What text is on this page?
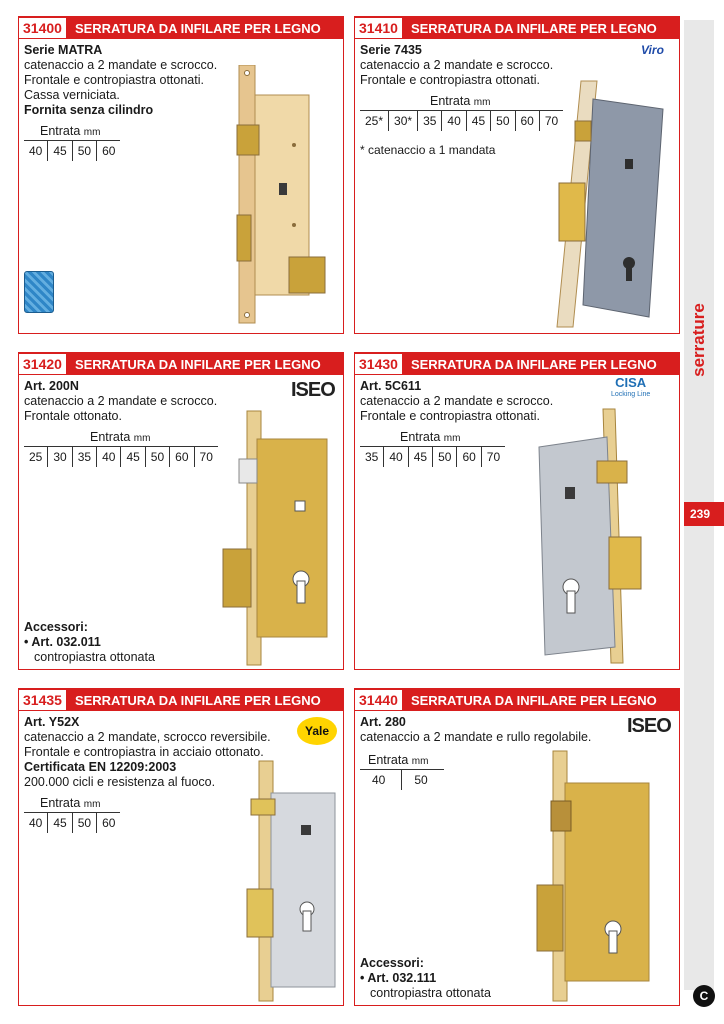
31400	SERRATURA DA INFILARE PER LEGNO
Serie MATRA
catenaccio a 2 mandate e scrocco.
Frontale e contropiastra ottonati.
Cassa verniciata.
Fornita senza cilindro
Entrata mm
40 45 50 60
31410	SERRATURA DA INFILARE PER LEGNO
Viro
Serie 7435
catenaccio a 2 mandate e scrocco.
Frontale e contropiastra ottonati.
Entrata mm
25* 30* 35 40 45 50 60 70
* catenaccio a 1 mandata
31420	SERRATURA DA INFILARE PER LEGNO
ISEO
Art. 200N
catenaccio a 2 mandate e scrocco.
Frontale ottonato.
Entrata mm
25 30 35 40 45 50 60 70
Accessori:
• Art. 032.011
contropiastra ottonata
31430	SERRATURA DA INFILARE PER LEGNO
CISA
Locking Line
Art. 5C611
catenaccio a 2 mandate e scrocco.
Frontale e contropiastra ottonati.
Entrata mm
35 40 45 50 60 70
31435	SERRATURA DA INFILARE PER LEGNO
Yale
Art. Y52X
catenaccio a 2 mandate, scrocco reversibile.
Frontale e contropiastra in acciaio ottonato.
Certificata EN 12209:2003
200.000 cicli e resistenza al fuoco.
Entrata mm
40 45 50 60
31440	SERRATURA DA INFILARE PER LEGNO
ISEO
Art. 280
catenaccio a 2 mandate e rullo regolabile.
Entrata mm
40	50
Accessori:
• Art. 032.111
contropiastra ottonata
serrature
239
C
